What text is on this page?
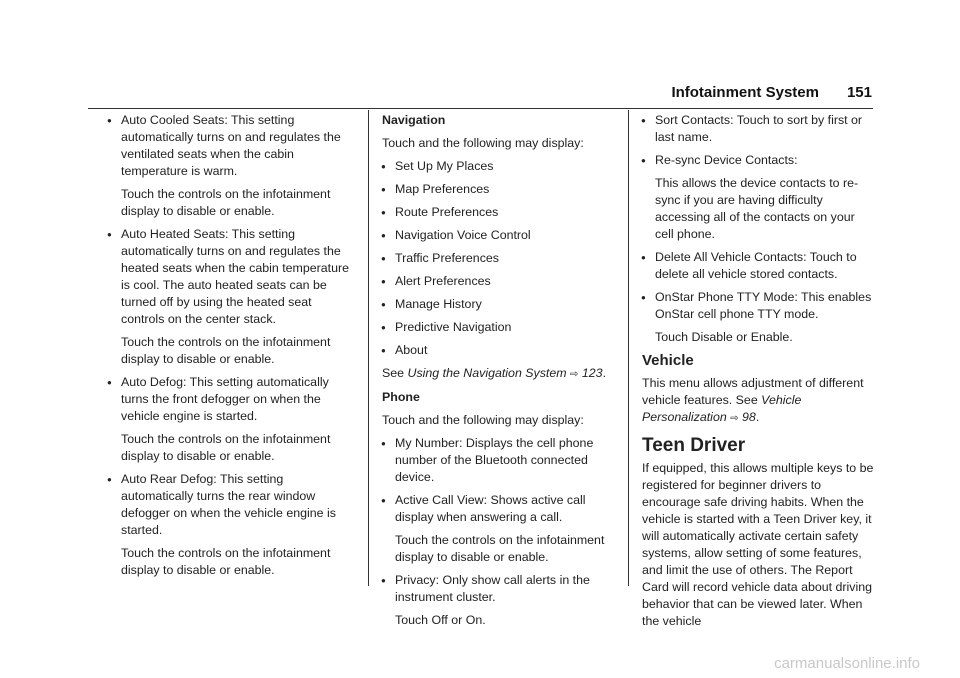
Infotainment System 151

● Auto Cooled Seats: This setting automatically turns on and regulates the ventilated seats when the cabin temperature is warm.

Touch the controls on the infotainment display to disable or enable.

● Auto Heated Seats: This setting automatically turns on and regulates the heated seats when the cabin temperature is cool. The auto heated seats can be turned off by using the heated seat controls on the center stack.

Touch the controls on the infotainment display to disable or enable.

● Auto Defog: This setting automatically turns the front defogger on when the vehicle engine is started.

Touch the controls on the infotainment display to disable or enable.

● Auto Rear Defog: This setting automatically turns the rear window defogger on when the vehicle engine is started.

Touch the controls on the infotainment display to disable or enable.

Navigation

Touch and the following may display:

● Set Up My Places

● Map Preferences

● Route Preferences

● Navigation Voice Control

● Traffic Preferences

● Alert Preferences

● Manage History

● Predictive Navigation

● About

See Using the Navigation System ⇨ 123.

Phone

Touch and the following may display:

● My Number: Displays the cell phone number of the Bluetooth connected device.

● Active Call View: Shows active call display when answering a call.

Touch the controls on the infotainment display to disable or enable.

● Privacy: Only show call alerts in the instrument cluster.

Touch Off or On.

● Sort Contacts: Touch to sort by first or last name.

● Re-sync Device Contacts:

This allows the device contacts to re-sync if you are having difficulty accessing all of the contacts on your cell phone.

● Delete All Vehicle Contacts: Touch to delete all vehicle stored contacts.

● OnStar Phone TTY Mode: This enables OnStar cell phone TTY mode.

Touch Disable or Enable.

Vehicle

This menu allows adjustment of different vehicle features. See Vehicle Personalization ⇨ 98.

Teen Driver

If equipped, this allows multiple keys to be registered for beginner drivers to encourage safe driving habits. When the vehicle is started with a Teen Driver key, it will automatically activate certain safety systems, allow setting of some features, and limit the use of others. The Report Card will record vehicle data about driving behavior that can be viewed later. When the vehicle

carmanualsonline.info
